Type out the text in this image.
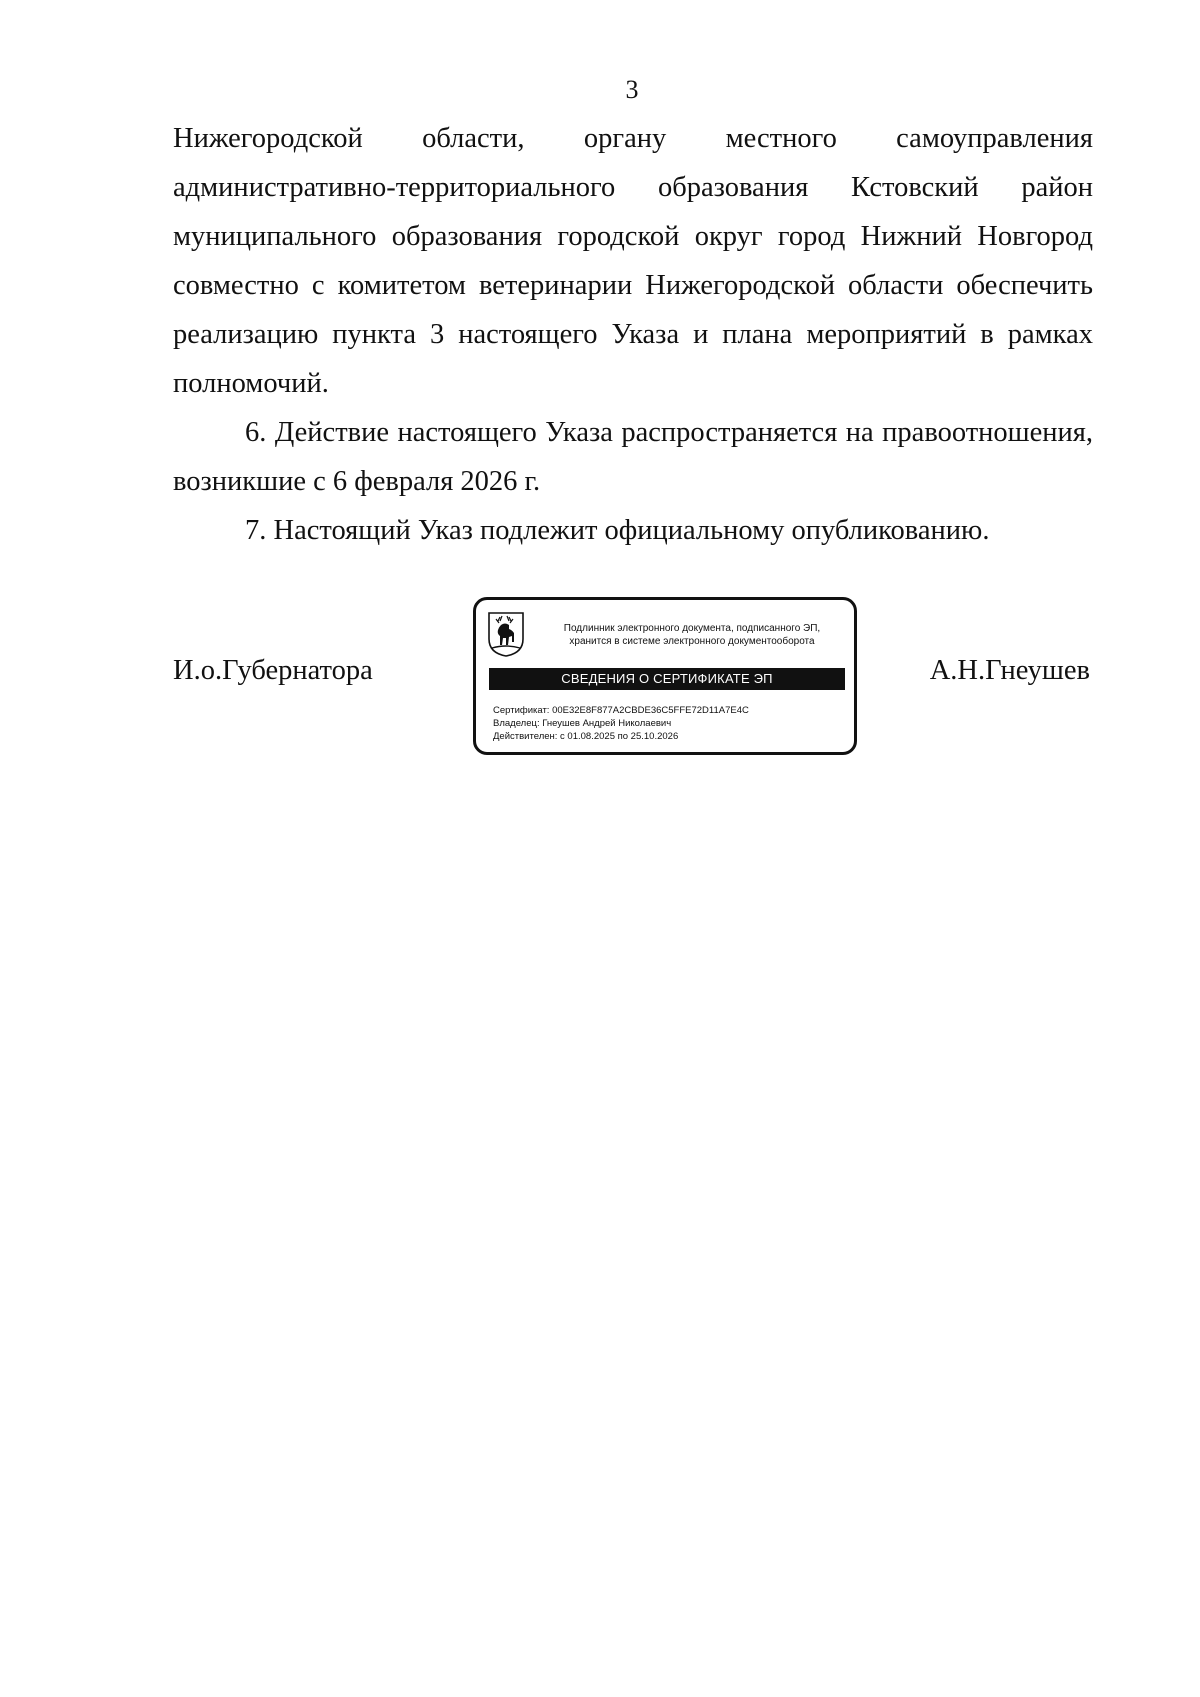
3

Нижегородской области, органу местного самоуправления административно-территориального образования Кстовский район муниципального образования городской округ город Нижний Новгород совместно с комитетом ветеринарии Нижегородской области обеспечить реализацию пункта 3 настоящего Указа и плана мероприятий в рамках полномочий.

6. Действие настоящего Указа распространяется на правоотношения, возникшие с 6 февраля 2026 г.

7. Настоящий Указ подлежит официальному опубликованию.

И.о.Губернатора
Подлинник электронного документа, подписанного ЭП,
хранится в системе электронного документооборота
СВЕДЕНИЯ О СЕРТИФИКАТЕ ЭП
Сертификат: 00E32E8F877A2CBDE36C5FFE72D11A7E4C
Владелец: Гнеушев Андрей Николаевич
Действителен: с 01.08.2025 по 25.10.2026
А.Н.Гнеушев
